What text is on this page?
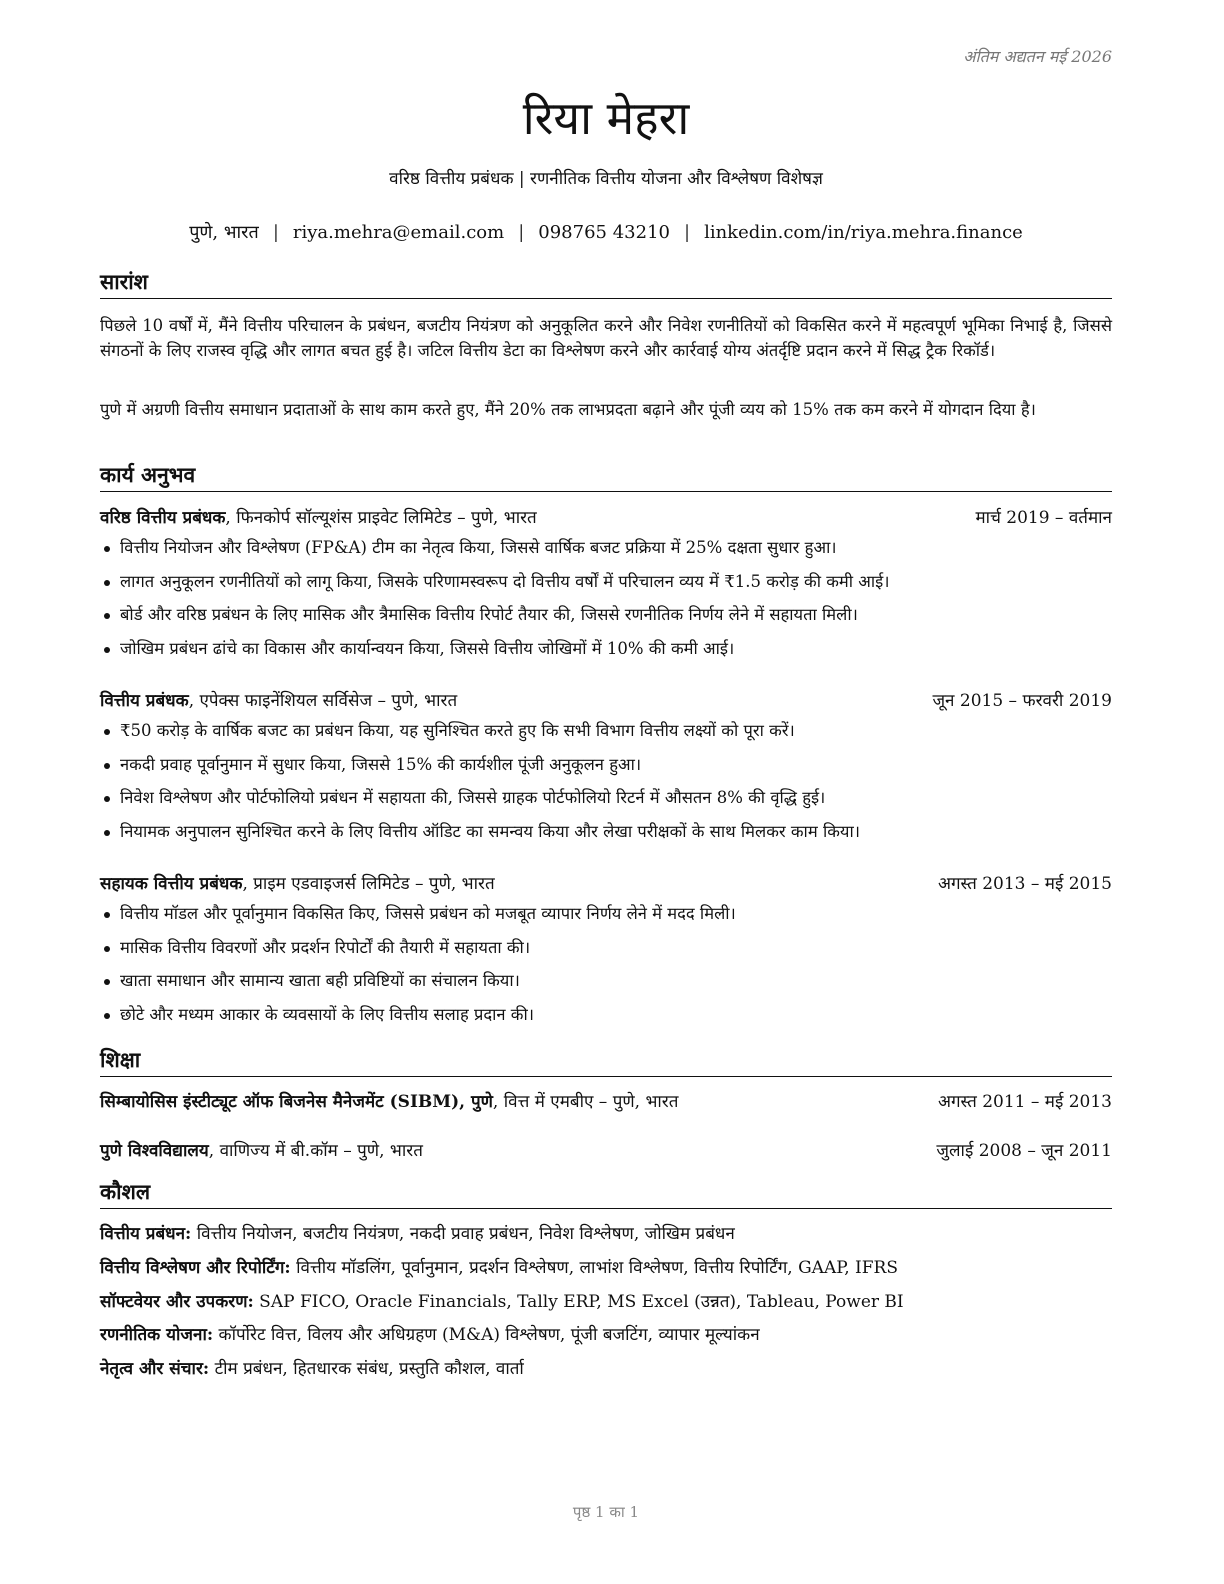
अंतिम अद्यतन मई 2026
रिया मेहरा
वरिष्ठ वित्तीय प्रबंधक | रणनीतिक वित्तीय योजना और विश्लेषण विशेषज्ञ
पुणे, भारत | riya.mehra@email.com | 098765 43210 | linkedin.com/in/riya.mehra.finance
सारांश
पिछले 10 वर्षों में, मैंने वित्तीय परिचालन के प्रबंधन, बजटीय नियंत्रण को अनुकूलित करने और निवेश रणनीतियों को विकसित करने में महत्वपूर्ण भूमिका निभाई है, जिससे संगठनों के लिए राजस्व वृद्धि और लागत बचत हुई है। जटिल वित्तीय डेटा का विश्लेषण करने और कार्रवाई योग्य अंतर्दृष्टि प्रदान करने में सिद्ध ट्रैक रिकॉर्ड।
पुणे में अग्रणी वित्तीय समाधान प्रदाताओं के साथ काम करते हुए, मैंने 20% तक लाभप्रदता बढ़ाने और पूंजी व्यय को 15% तक कम करने में योगदान दिया है।
कार्य अनुभव
वरिष्ठ वित्तीय प्रबंधक, फिनकोर्प सॉल्यूशंस प्राइवेट लिमिटेड – पुणे, भारत	मार्च 2019 – वर्तमान
वित्तीय नियोजन और विश्लेषण (FP&A) टीम का नेतृत्व किया, जिससे वार्षिक बजट प्रक्रिया में 25% दक्षता सुधार हुआ।
लागत अनुकूलन रणनीतियों को लागू किया, जिसके परिणामस्वरूप दो वित्तीय वर्षों में परिचालन व्यय में ₹1.5 करोड़ की कमी आई।
बोर्ड और वरिष्ठ प्रबंधन के लिए मासिक और त्रैमासिक वित्तीय रिपोर्ट तैयार की, जिससे रणनीतिक निर्णय लेने में सहायता मिली।
जोखिम प्रबंधन ढांचे का विकास और कार्यान्वयन किया, जिससे वित्तीय जोखिमों में 10% की कमी आई।
वित्तीय प्रबंधक, एपेक्स फाइनेंशियल सर्विसेज – पुणे, भारत	जून 2015 – फरवरी 2019
₹50 करोड़ के वार्षिक बजट का प्रबंधन किया, यह सुनिश्चित करते हुए कि सभी विभाग वित्तीय लक्ष्यों को पूरा करें।
नकदी प्रवाह पूर्वानुमान में सुधार किया, जिससे 15% की कार्यशील पूंजी अनुकूलन हुआ।
निवेश विश्लेषण और पोर्टफोलियो प्रबंधन में सहायता की, जिससे ग्राहक पोर्टफोलियो रिटर्न में औसतन 8% की वृद्धि हुई।
नियामक अनुपालन सुनिश्चित करने के लिए वित्तीय ऑडिट का समन्वय किया और लेखा परीक्षकों के साथ मिलकर काम किया।
सहायक वित्तीय प्रबंधक, प्राइम एडवाइजर्स लिमिटेड – पुणे, भारत	अगस्त 2013 – मई 2015
वित्तीय मॉडल और पूर्वानुमान विकसित किए, जिससे प्रबंधन को मजबूत व्यापार निर्णय लेने में मदद मिली।
मासिक वित्तीय विवरणों और प्रदर्शन रिपोर्टों की तैयारी में सहायता की।
खाता समाधान और सामान्य खाता बही प्रविष्टियों का संचालन किया।
छोटे और मध्यम आकार के व्यवसायों के लिए वित्तीय सलाह प्रदान की।
शिक्षा
सिम्बायोसिस इंस्टीट्यूट ऑफ बिजनेस मैनेजमेंट (SIBM), पुणे, वित्त में एमबीए – पुणे, भारत	अगस्त 2011 – मई 2013
पुणे विश्वविद्यालय, वाणिज्य में बी.कॉम – पुणे, भारत	जुलाई 2008 – जून 2011
कौशल
वित्तीय प्रबंधन: वित्तीय नियोजन, बजटीय नियंत्रण, नकदी प्रवाह प्रबंधन, निवेश विश्लेषण, जोखिम प्रबंधन
वित्तीय विश्लेषण और रिपोर्टिंग: वित्तीय मॉडलिंग, पूर्वानुमान, प्रदर्शन विश्लेषण, लाभांश विश्लेषण, वित्तीय रिपोर्टिंग, GAAP, IFRS
सॉफ्टवेयर और उपकरण: SAP FICO, Oracle Financials, Tally ERP, MS Excel (उन्नत), Tableau, Power BI
रणनीतिक योजना: कॉर्पोरेट वित्त, विलय और अधिग्रहण (M&A) विश्लेषण, पूंजी बजटिंग, व्यापार मूल्यांकन
नेतृत्व और संचार: टीम प्रबंधन, हितधारक संबंध, प्रस्तुति कौशल, वार्ता
पृष्ठ 1 का 1
